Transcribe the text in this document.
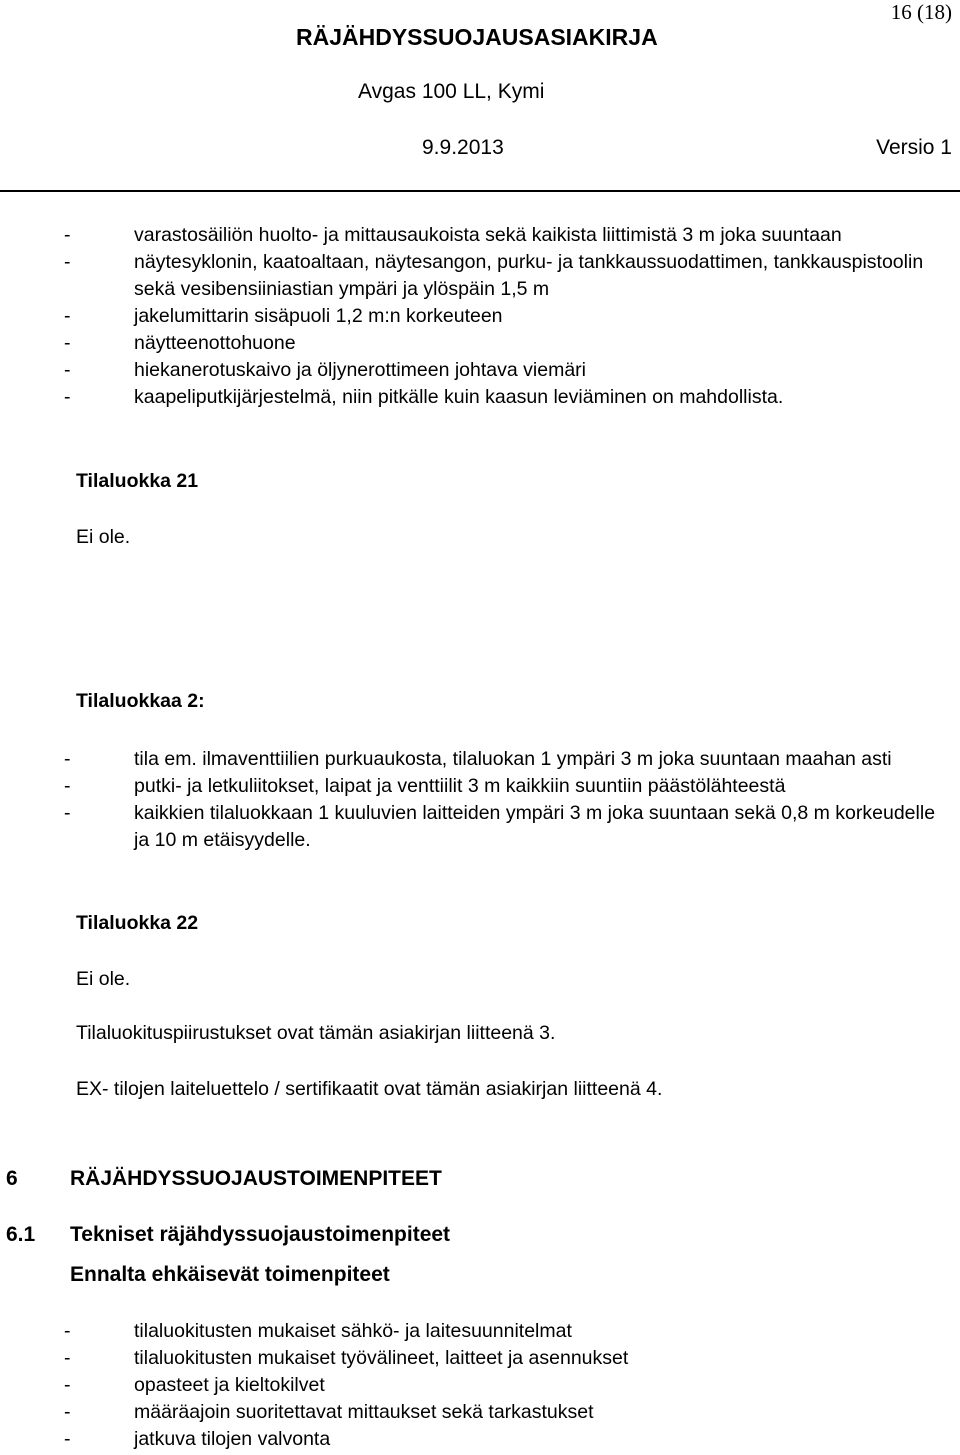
16 (18)
RÄJÄHDYSSUOJAUSASIAKIRJA
Avgas 100 LL, Kymi
9.9.2013	Versio 1
- varastosäiliön huolto- ja mittausaukoista sekä kaikista liittimistä 3 m joka suuntaan
- näytesyklonin, kaatoaltaan, näytesangon, purku- ja tankkaussuodattimen, tankkauspistoolin sekä vesibensiiniastian ympäri ja ylöspäin 1,5 m
- jakelumittarin sisäpuoli 1,2 m:n korkeuteen
- näytteenottohuone
- hiekanerotuskaivo ja öljynerottimeen johtava viemäri
- kaapeliputkijärjestelmä, niin pitkälle kuin kaasun leviäminen on mahdollista.
Tilaluokka 21
Ei ole.
Tilaluokkaa 2:
- tila em. ilmaventtiilien purkuaukosta, tilaluokan 1 ympäri 3 m joka suuntaan maahan asti
- putki- ja letkuliitokset, laipat ja venttiilit 3 m kaikkiin suuntiin päästölähteestä
- kaikkien tilaluokkaan 1 kuuluvien laitteiden ympäri 3 m joka suuntaan sekä 0,8 m korkeudelle ja 10 m etäisyydelle.
Tilaluokka 22
Ei ole.
Tilaluokituspiirustukset ovat tämän asiakirjan liitteenä 3.
EX- tilojen laiteluettelo / sertifikaatit ovat tämän asiakirjan liitteenä 4.
6 RÄJÄHDYSSUOJAUSTOIMENPITEET
6.1 Tekniset räjähdyssuojaustoimenpiteet
Ennalta ehkäisevät toimenpiteet
- tilaluokitusten mukaiset sähkö- ja laitesuunnitelmat
- tilaluokitusten mukaiset työvälineet, laitteet ja asennukset
- opasteet ja kieltokilvet
- määräajoin suoritettavat mittaukset sekä tarkastukset
- jatkuva tilojen valvonta
